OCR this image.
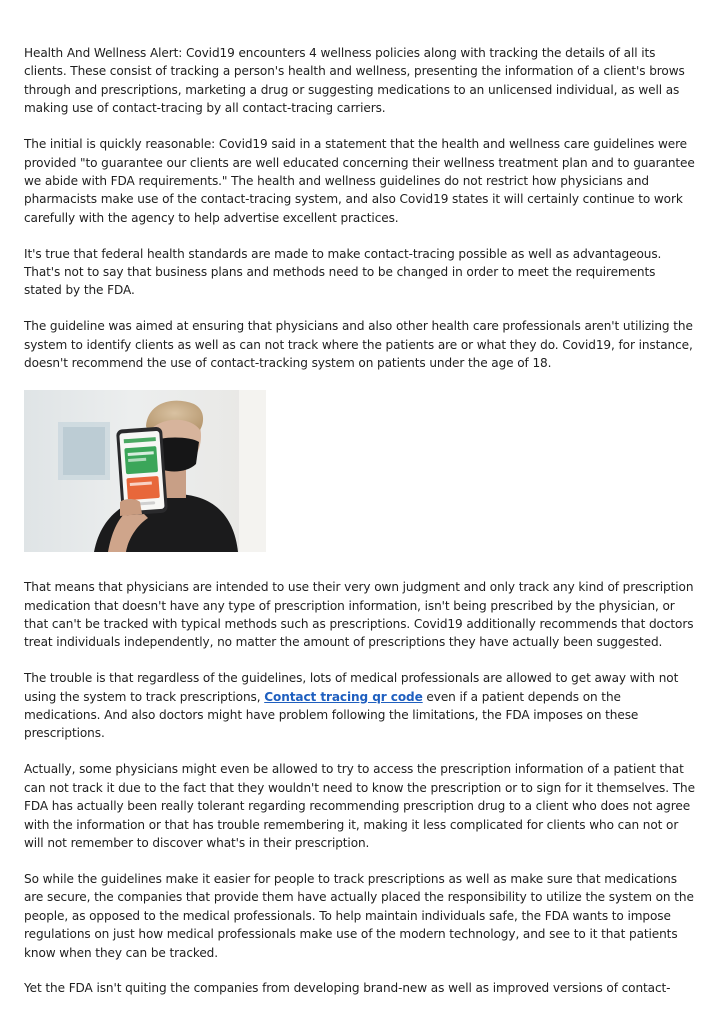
Health And Wellness Alert: Covid19 encounters 4 wellness policies along with tracking the details of all its clients. These consist of tracking a person's health and wellness, presenting the information of a client's brows through and prescriptions, marketing a drug or suggesting medications to an unlicensed individual, as well as making use of contact-tracing by all contact-tracing carriers.

The initial is quickly reasonable: Covid19 said in a statement that the health and wellness care guidelines were provided "to guarantee our clients are well educated concerning their wellness treatment plan and to guarantee we abide with FDA requirements." The health and wellness guidelines do not restrict how physicians and pharmacists make use of the contact-tracing system, and also Covid19 states it will certainly continue to work carefully with the agency to help advertise excellent practices.

It's true that federal health standards are made to make contact-tracing possible as well as advantageous. That's not to say that business plans and methods need to be changed in order to meet the requirements stated by the FDA.

The guideline was aimed at ensuring that physicians and also other health care professionals aren't utilizing the system to identify clients as well as can not track where the patients are or what they do. Covid19, for instance, doesn't recommend the use of contact-tracking system on patients under the age of 18.

That means that physicians are intended to use their very own judgment and only track any kind of prescription medication that doesn't have any type of prescription information, isn't being prescribed by the physician, or that can't be tracked with typical methods such as prescriptions. Covid19 additionally recommends that doctors treat individuals independently, no matter the amount of prescriptions they have actually been suggested.

The trouble is that regardless of the guidelines, lots of medical professionals are allowed to get away with not using the system to track prescriptions, Contact tracing qr code even if a patient depends on the medications. And also doctors might have problem following the limitations, the FDA imposes on these prescriptions.

Actually, some physicians might even be allowed to try to access the prescription information of a patient that can not track it due to the fact that they wouldn't need to know the prescription or to sign for it themselves. The FDA has actually been really tolerant regarding recommending prescription drug to a client who does not agree with the information or that has trouble remembering it, making it less complicated for clients who can not or will not remember to discover what's in their prescription.

So while the guidelines make it easier for people to track prescriptions as well as make sure that medications are secure, the companies that provide them have actually placed the responsibility to utilize the system on the people, as opposed to the medical professionals. To help maintain individuals safe, the FDA wants to impose regulations on just how medical professionals make use of the modern technology, and see to it that patients know when they can be tracked.

Yet the FDA isn't quiting the companies from developing brand-new as well as improved versions of contact-
